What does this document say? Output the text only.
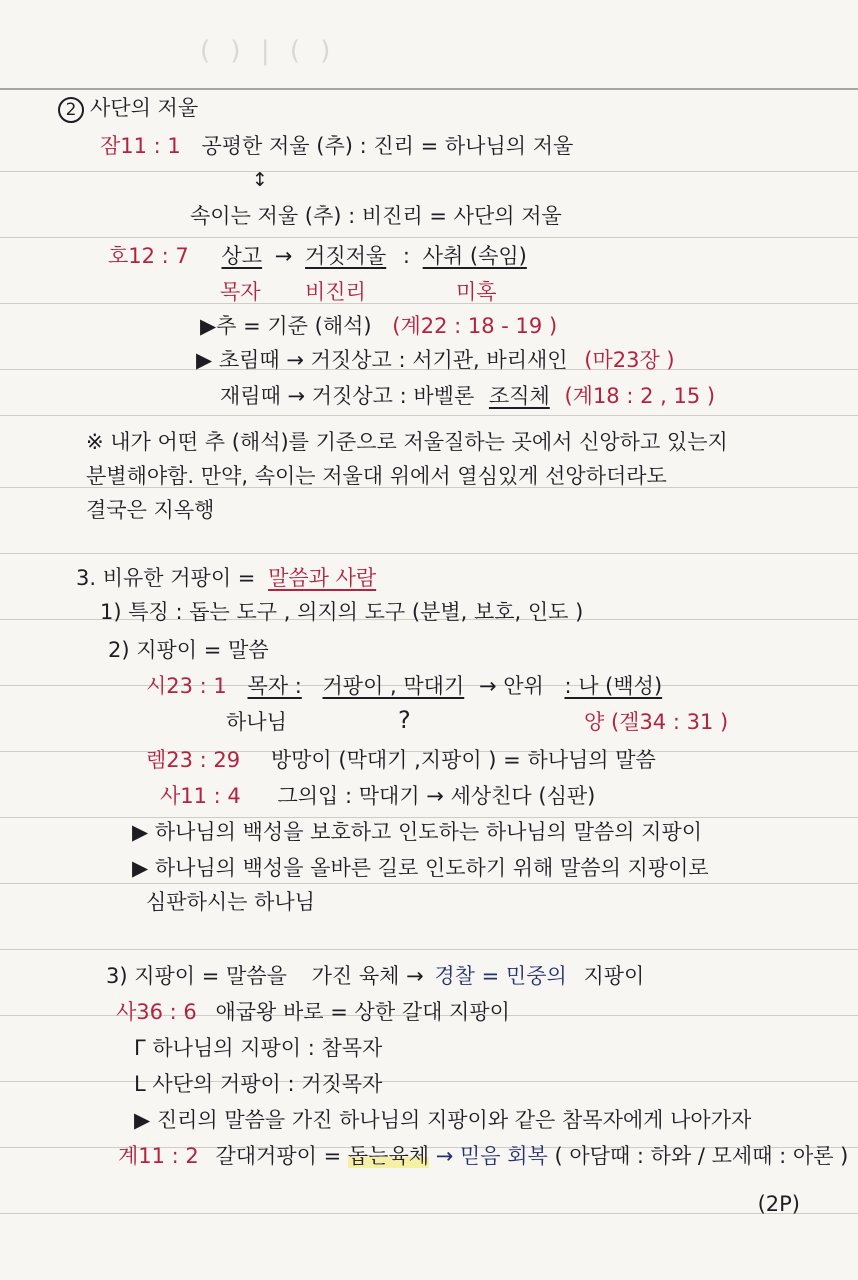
( ) | ( )
2 사단의 저울
잠11 : 1 공평한 저울 (추) : 진리 = 하나님의 저울
↕
속이는 저울 (추) : 비진리 = 사단의 저울
호12 : 7 상고 → 거짓저울 : 사취 (속임)
목자 비진리	미혹
▶추 = 기준 (해석) (계22 : 18 - 19 )
▶ 초림때 → 거짓상고 : 서기관, 바리새인 (마23장 )
재림때 → 거짓상고 : 바벨론 조직체 (계18 : 2 , 15 )
※ 내가 어떤 추 (해석)를 기준으로 저울질하는 곳에서 신앙하고 있는지
분별해야함. 만약, 속이는 저울대 위에서 열심있게 선앙하더라도
결국은 지옥행
3. 비유한 거팡이 = 말씀과 사람
1) 특징 : 돕는 도구 , 의지의 도구 (분별, 보호, 인도 )
2) 지팡이 = 말씀
시23 : 1 목자 : 거팡이 , 막대기 → 안위 : 나 (백성)
하나님	?	양 (겔34 : 31 )
렘23 : 29 방망이 (막대기 ,지팡이 ) = 하나님의 말씀
사11 : 4 그의입 : 막대기 → 세상친다 (심판)
▶ 하나님의 백성을 보호하고 인도하는 하나님의 말씀의 지팡이
▶ 하나님의 백성을 올바른 길로 인도하기 위해 말씀의 지팡이로
심판하시는 하나님
3) 지팡이 = 말씀을 가진 육체 → 경찰 = 민중의 지팡이
사36 : 6 애굽왕 바로 = 상한 갈대 지팡이
Γ 하나님의 지팡이 : 참목자
L 사단의 거팡이 : 거짓목자
▶ 진리의 말씀을 가진 하나님의 지팡이와 같은 참목자에게 나아가자
계11 : 2 갈대거팡이 = 돕는육체 → 믿음 회복 ( 아담때 : 하와 / 모세때 : 아론 )
(2P)
